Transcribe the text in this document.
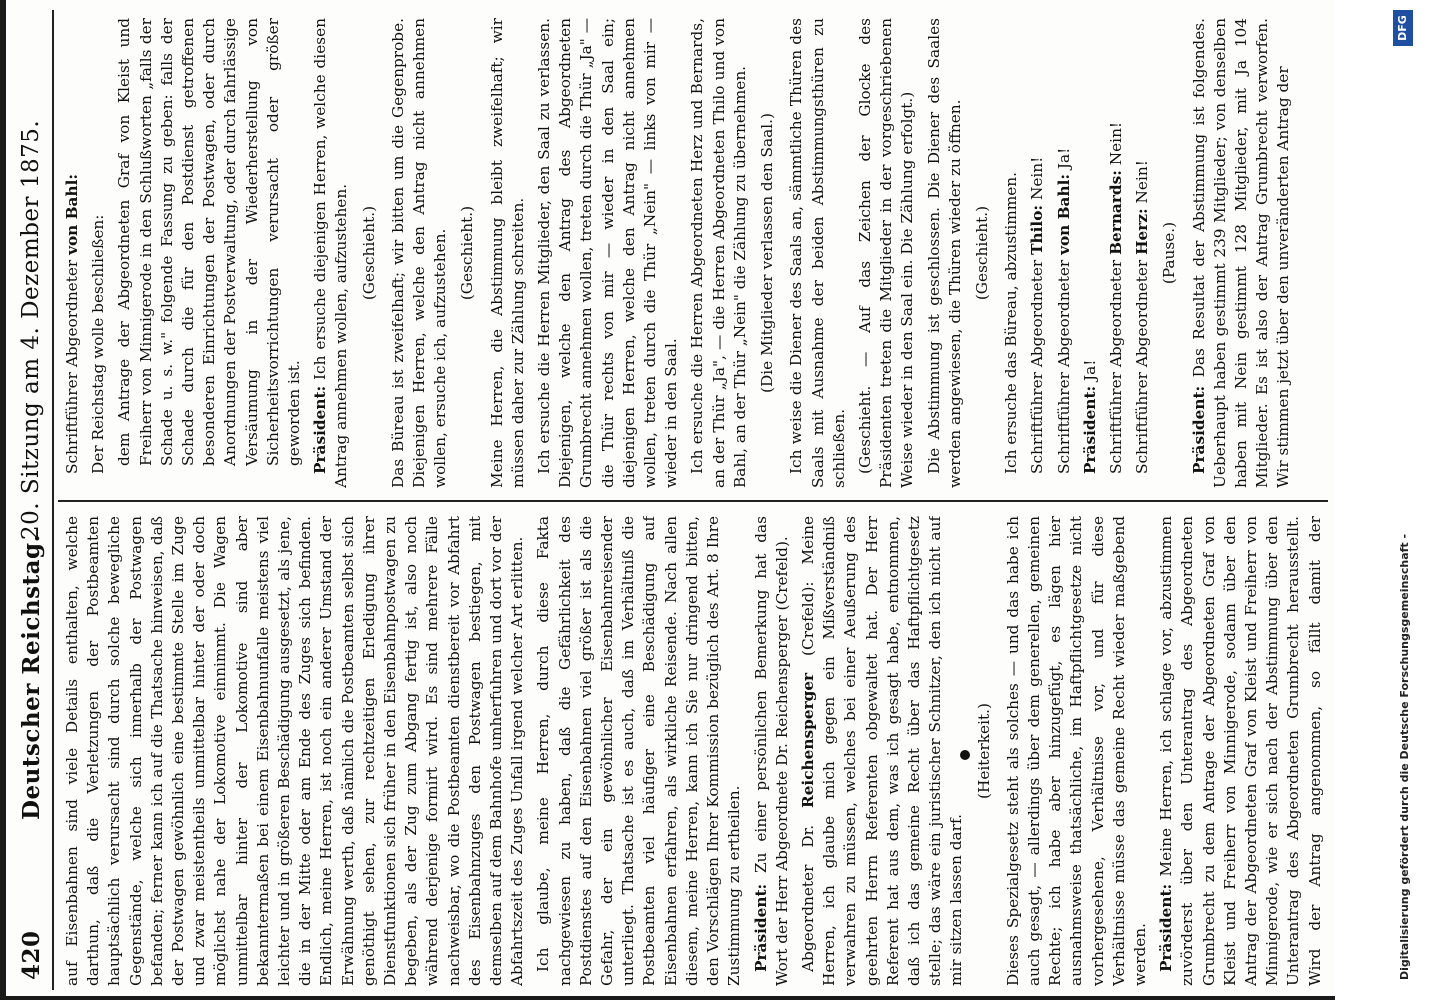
420
Deutscher Reichstag.
20. Sitzung am 4. Dezember 1875.

auf Eisenbahnen sind viele Details enthalten, welche darthun, daß die Verletzungen der Postbeamten hauptsächlich verursacht sind durch solche bewegliche Gegenstände, welche sich innerhalb der Postwagen befanden; ferner kann ich auf die Thatsache hinweisen, daß der Postwagen gewöhnlich eine bestimmte Stelle im Zuge und zwar meistentheils unmittelbar hinter der oder doch möglichst nahe der Lokomotive einnimmt. Die Wagen unmittelbar hinter der Lokomotive sind aber bekanntermaßen bei einem Eisenbahnunfalle meistens viel leichter und in größeren Beschädigung ausgesetzt, als jene, die in der Mitte oder am Ende des Zuges sich befinden. Endlich, meine Herren, ist noch ein anderer Umstand der Erwähnung werth, daß nämlich die Postbeamten selbst sich genöthigt sehen, zur rechtzeitigen Erledigung ihrer Dienstfunktionen sich früher in den Eisenbahnpostwagen zu begeben, als der Zug zum Abgang fertig ist, also noch während derjenige formirt wird. Es sind mehrere Fälle nachweisbar, wo die Postbeamten dienstbereit vor Abfahrt des Eisenbahnzuges den Postwagen bestiegen, mit demselben auf dem Bahnhofe umherfuhren und dort vor der Abfahrtszeit des Zuges Unfall irgend welcher Art erlitten. Ich glaube, meine Herren, durch diese Fakta nachgewiesen zu haben, daß die Gefährlichkeit des Postdienstes auf den Eisenbahnen viel größer ist als die Gefahr, der ein gewöhnlicher Eisenbahnreisender unterliegt. Thatsache ist es auch, daß im Verhältniß die Postbeamten viel häufiger eine Beschädigung auf Eisenbahnen erfahren, als wirkliche Reisende. Nach allen diesem, meine Herren, kann ich Sie nur dringend bitten, den Vorschlägen Ihrer Kommission bezüglich des Art. 8 Ihre Zustimmung zu ertheilen. Präsident: Zu einer persönlichen Bemerkung hat das Wort der Herr Abgeordnete Dr. Reichensperger (Crefeld). Abgeordneter Dr. Reichensperger (Crefeld): Meine Herren, ich glaube mich gegen ein Mißverständniß verwahren zu müssen, welches bei einer Aeußerung des geehrten Herrn Referenten obgewaltet hat. Der Herr Referent hat aus dem, was ich gesagt habe, entnommen, daß ich das gemeine Recht über das Haftpflichtgesetz stelle; das wäre ein juristischer Schnitzer, den ich nicht auf mir sitzen lassen darf.

(Heiterkeit.) Dieses Spezialgesetz steht als solches — und das habe ich auch gesagt, — allerdings über dem generellen, gemeinen Rechte; ich habe aber hinzugefügt, es lägen hier ausnahmsweise thatsächliche, im Haftpflichtgesetze nicht vorhergesehene, Verhältnisse vor, und für diese Verhältnisse müsse das gemeine Recht wieder maßgebend werden. Präsident: Meine Herren, ich schlage vor, abzustimmen zuvörderst über den Unterantrag des Abgeordneten Grumbrecht zu dem Antrage der Abgeordneten Graf von Kleist und Freiherr von Minnigerode, sodann über den Antrag der Abgeordneten Graf von Kleist und Freiherr von Minnigerode, wie er sich nach der Abstimmung über den Unterantrag des Abgeordneten Grumbrecht herausstellt. Wird der Antrag angenommen, so fällt damit der

Schriftführer Abgeordneter von Bahl:

Der Reichstag wolle beschließen: dem Antrage der Abgeordneten Graf von Kleist und Freiherr von Minnigerode in den Schlußworten „falls der Schade u. s. w." folgende Fassung zu geben: falls der Schade durch die für den Postdienst getroffenen besonderen Einrichtungen der Postwagen, oder durch Anordnungen der Postverwaltung, oder durch fahrlässige Versäumung in der Wiederherstellung von Sicherheitsvorrichtungen verursacht oder größer geworden ist. Präsident: Ich ersuche diejenigen Herren, welche diesen Antrag annehmen wollen, aufzustehen. (Geschieht.) Das Büreau ist zweifelhaft; wir bitten um die Gegenprobe. Diejenigen Herren, welche den Antrag nicht annehmen wollen, ersuche ich, aufzustehen. (Geschieht.) Meine Herren, die Abstimmung bleibt zweifelhaft; wir müssen daher zur Zählung schreiten. Ich ersuche die Herren Mitglieder, den Saal zu verlassen. Diejenigen, welche den Antrag des Abgeordneten Grumbrecht annehmen wollen, treten durch die Thür „Ja" — die Thür rechts von mir — wieder in den Saal ein; diejenigen Herren, welche den Antrag nicht annehmen wollen, treten durch die Thür „Nein" — links von mir — wieder in den Saal. Ich ersuche die Herren Abgeordneten Herz und Bernards, an der Thür „Ja", — die Herren Abgeordneten Thilo und von Bahl, an der Thür „Nein" die Zählung zu übernehmen. (Die Mitglieder verlassen den Saal.) Ich weise die Diener des Saals an, sämmtliche Thüren des Saals mit Ausnahme der beiden Abstimmungsthüren zu schließen. (Geschieht. — Auf das Zeichen der Glocke des Präsidenten treten die Mitglieder in der vorgeschriebenen Weise wieder in den Saal ein. Die Zählung erfolgt.) Die Abstimmung ist geschlossen. Die Diener des Saales werden angewiesen, die Thüren wieder zu öffnen. (Geschieht.) Ich ersuche das Büreau, abzustimmen. Schriftführer Abgeordneter Thilo: Nein!

Schriftführer Abgeordneter von Bahl: Ja!

Präsident: Ja! Schriftführer Abgeordneter Bernards: Nein!

Schriftführer Abgeordneter Herz: Nein!

(Pause.)

Präsident: Das Resultat der Abstimmung ist folgendes. Ueberhaupt haben gestimmt 239 Mitglieder; von denselben haben mit Nein gestimmt 128 Mitglieder, mit Ja 104 Mitglieder. Es ist also der Antrag Grumbrecht verworfen. Wir stimmen jetzt über den unveränderten Antrag der

Digitalisierung gefördert durch die Deutsche Forschungsgemeinschaft -
DFG
